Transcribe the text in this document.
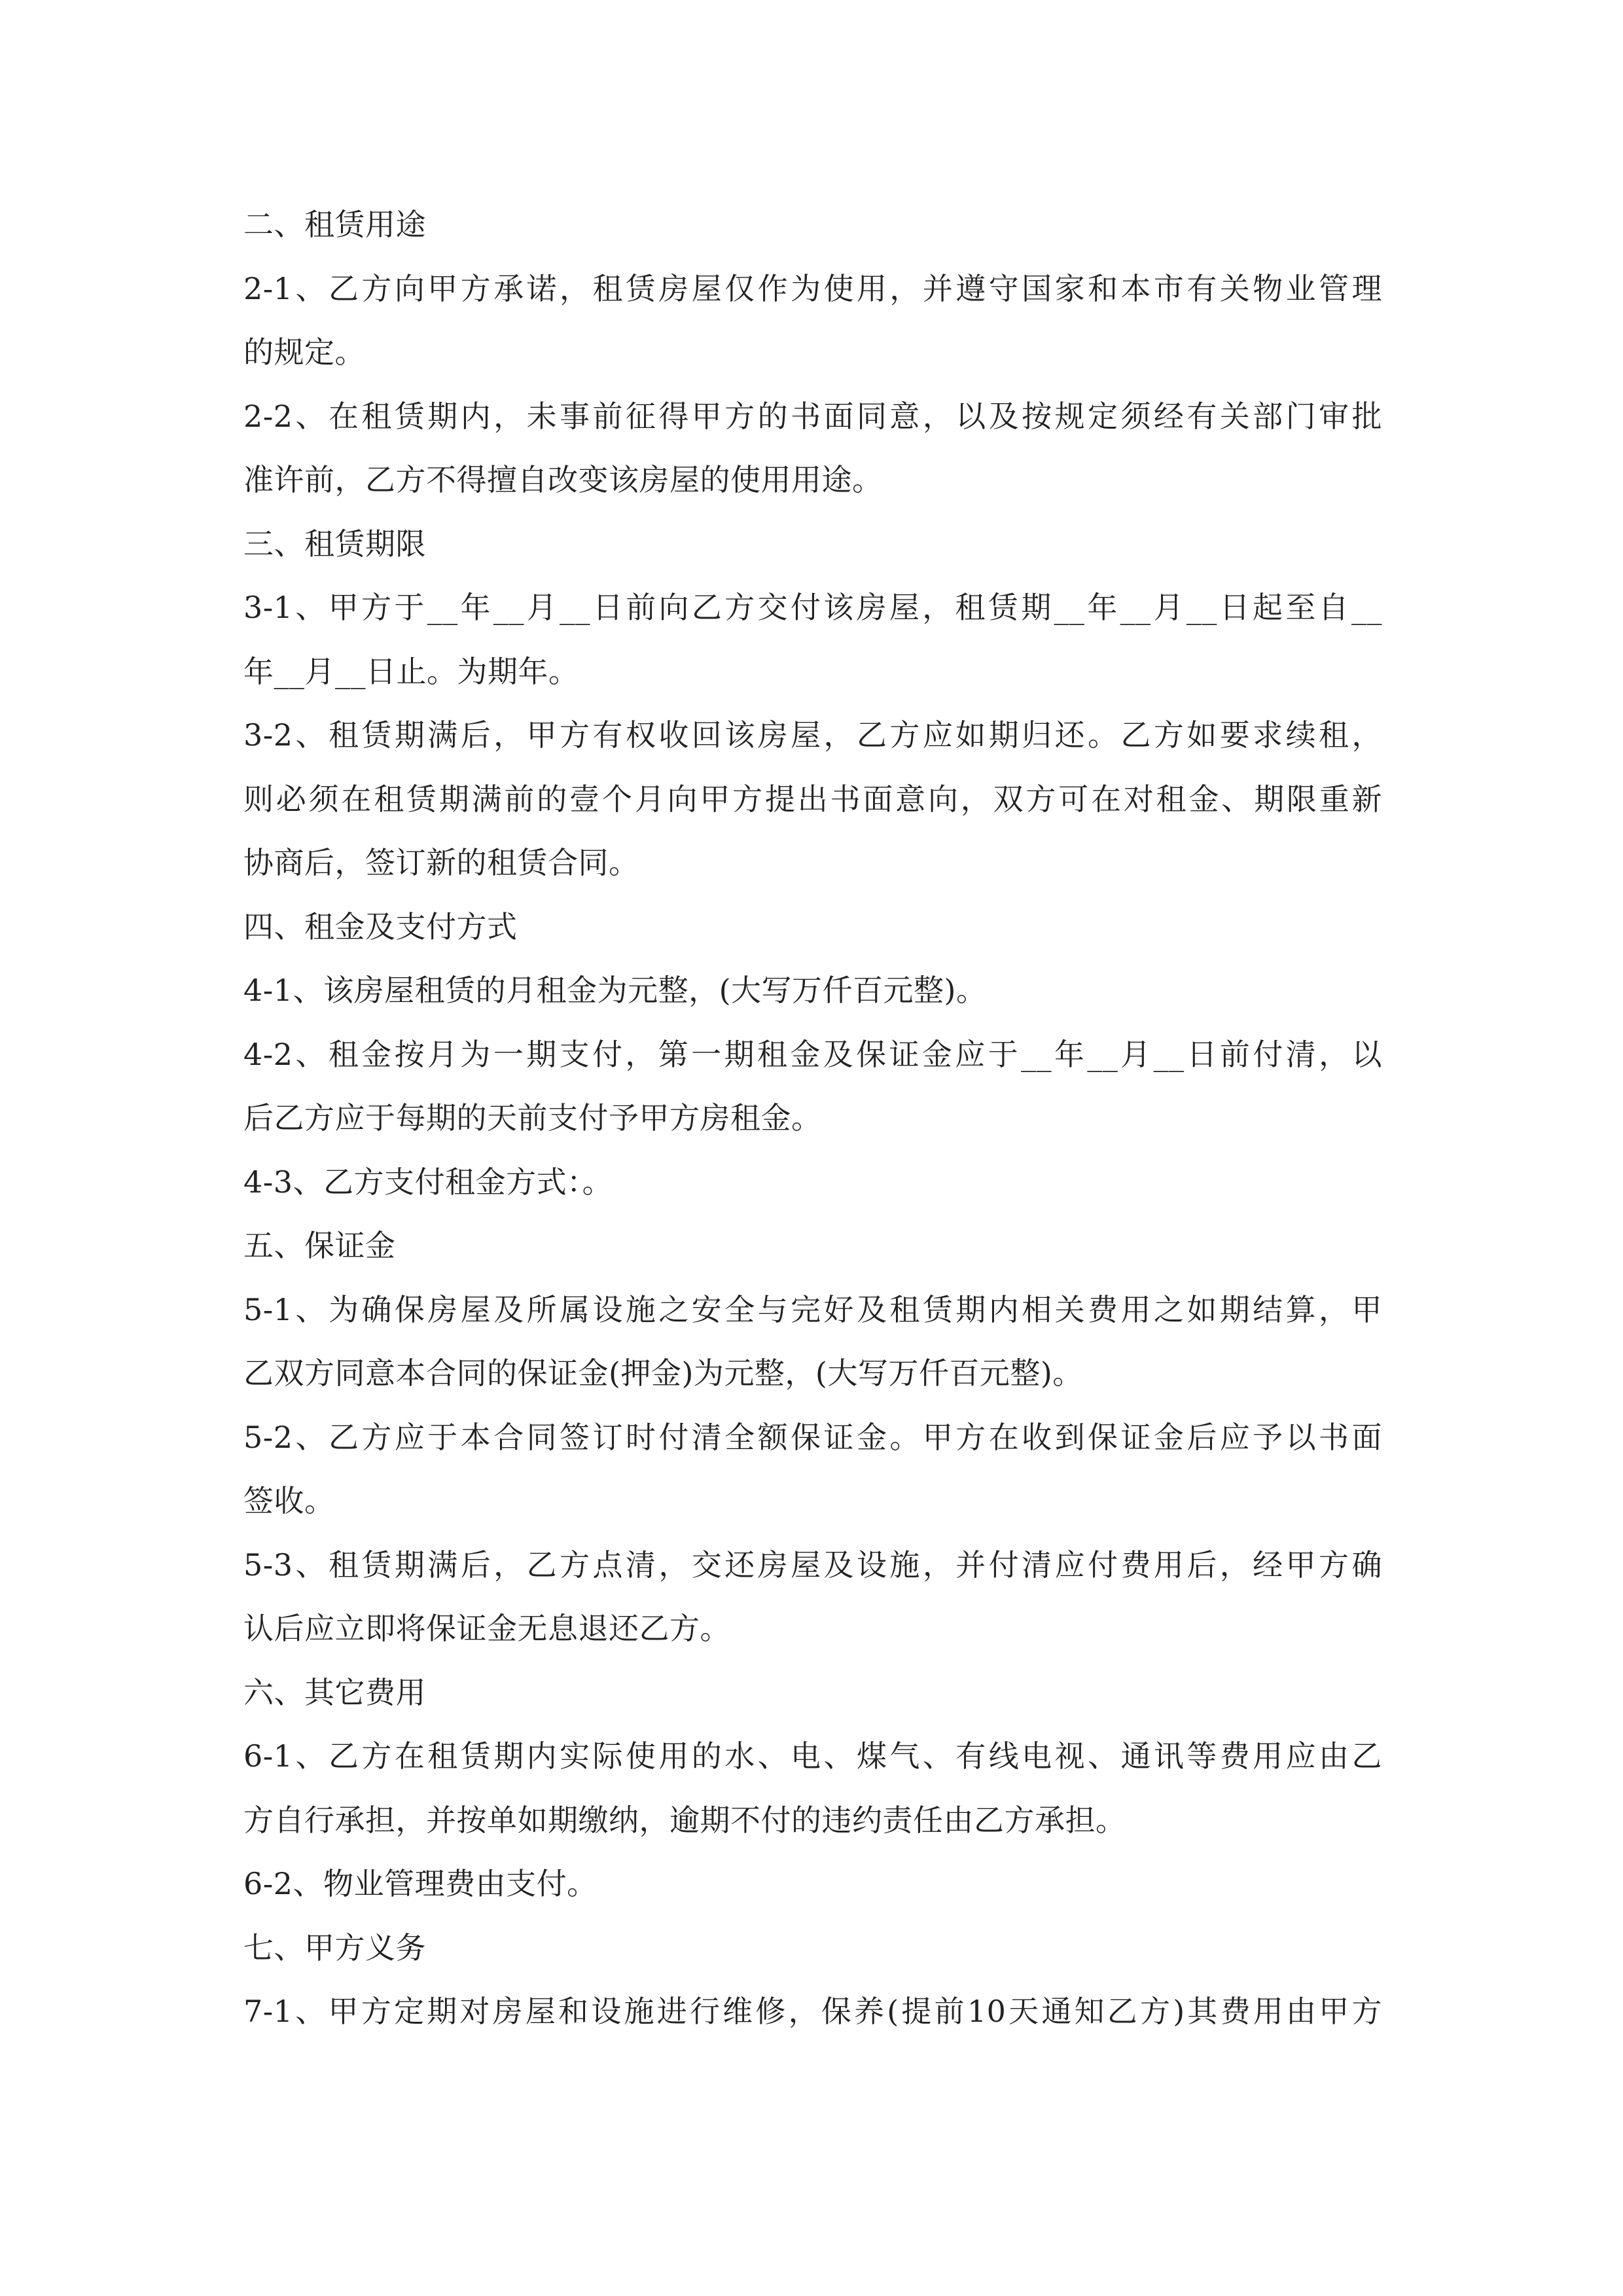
二、租赁用途
2-1、乙方向甲方承诺，租赁房屋仅作为使用，并遵守国家和本市有关物业管理
的规定。
2-2、在租赁期内，未事前征得甲方的书面同意，以及按规定须经有关部门审批
准许前，乙方不得擅自改变该房屋的使用用途。
三、租赁期限
3-1、甲方于__年__月__日前向乙方交付该房屋，租赁期__年__月__日起至自__
年__月__日止。为期年。
3-2、租赁期满后，甲方有权收回该房屋，乙方应如期归还。乙方如要求续租，
则必须在租赁期满前的壹个月向甲方提出书面意向，双方可在对租金、期限重新
协商后，签订新的租赁合同。
四、租金及支付方式
4-1、该房屋租赁的月租金为元整，(大写万仟百元整)。
4-2、租金按月为一期支付，第一期租金及保证金应于__年__月__日前付清，以
后乙方应于每期的天前支付予甲方房租金。
4-3、乙方支付租金方式：。
五、保证金
5-1、为确保房屋及所属设施之安全与完好及租赁期内相关费用之如期结算，甲
乙双方同意本合同的保证金(押金)为元整，(大写万仟百元整)。
5-2、乙方应于本合同签订时付清全额保证金。甲方在收到保证金后应予以书面
签收。
5-3、租赁期满后，乙方点清，交还房屋及设施，并付清应付费用后，经甲方确
认后应立即将保证金无息退还乙方。
六、其它费用
6-1、乙方在租赁期内实际使用的水、电、煤气、有线电视、通讯等费用应由乙
方自行承担，并按单如期缴纳，逾期不付的违约责任由乙方承担。
6-2、物业管理费由支付。
七、甲方义务
7-1、甲方定期对房屋和设施进行维修，保养(提前10天通知乙方)其费用由甲方
